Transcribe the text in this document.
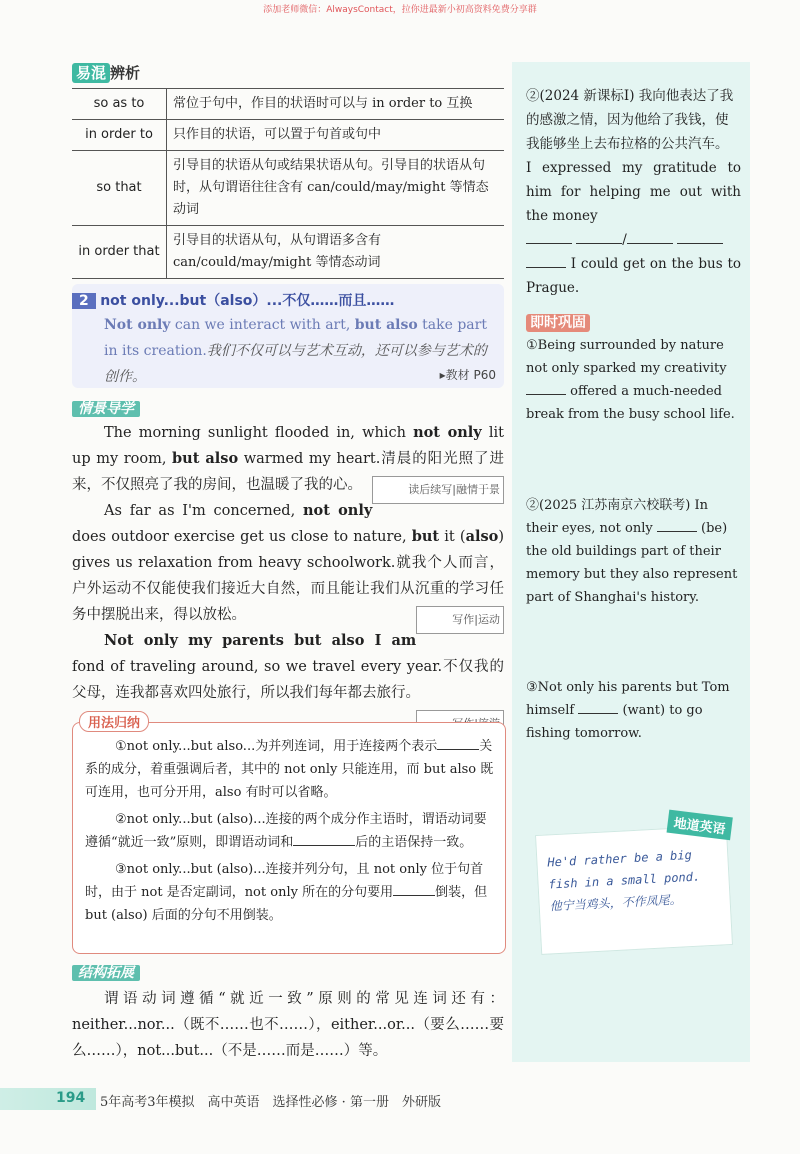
添加老师微信：AlwaysContact，拉你进最新小初高资料免费分享群
易混 辨析
so as to	常位于句中，作目的状语时可以与 in order to 互换
in order to	只作目的状语，可以置于句首或句中
so that	引导目的状语从句或结果状语从句。引导目的状语从句时，从句谓语往往含有 can/could/may/might 等情态动词
in order that	引导目的状语从句，从句谓语多含有 can/could/may/might 等情态动词
2 not only...but（also）...不仅……而且……
Not only can we interact with art, but also take part in its creation.我们不仅可以与艺术互动，还可以参与艺术的创作。	▸教材 P60
情景导学
The morning sunlight flooded in, which not only lit up my room, but also warmed my heart.清晨的阳光照了进来，不仅照亮了我的房间，也温暖了我的心。	读后续写|融情于景
As far as I'm concerned, not only does outdoor exercise get us close to nature, but it (also) gives us relaxation from heavy schoolwork.就我个人而言，户外运动不仅能使我们接近大自然，而且能让我们从沉重的学习任务中摆脱出来，得以放松。	写作|运动
Not only my parents but also I am fond of traveling around, so we travel every year.不仅我的父母，连我都喜欢四处旅行，所以我们每年都去旅行。
用法归纳
①not only...but also...为并列连词，用于连接两个表示	关系的成分，着重强调后者，其中的 not only 只能连用，而 but also 既可连用，也可分开用，also 有时可以省略。
②not only...but (also)...连接的两个成分作主语时，谓语动词要遵循“就近一致”原则，即谓语动词和	后的主语保持一致。
③not only...but (also)...连接并列分句，且 not only 位于句首时，由于 not 是否定副词，not only 所在的分句要用	倒装，但 but (also) 后面的分句不用倒装。
结构拓展
谓语动词遵循“就近一致”原则的常见连词还有：neither...nor...（既不……也不……），either...or...（要么……要么……），not...but...（不是……而是……）等。
②(2024 新课标Ⅰ) 我向他表达了我的感激之情，因为他给了我钱，使我能够坐上去布拉格的公共汽车。
I expressed my gratitude to him for helping me out with the money
/
I could get on the bus to Prague.
即时巩固
①Being surrounded by nature not only sparked my creativity  offered a much-needed break from the busy school life.
②(2025 江苏南京六校联考) In their eyes, not only	(be) the old buildings part of their memory but they also represent part of Shanghai's history.
③Not only his parents but Tom himself	(want) to go fishing tomorrow.
地道英语
He'd rather be a big fish in a small pond.
他宁当鸡头，不作凤尾。
194 5年高考3年模拟　高中英语　选择性必修 · 第一册　外研版
